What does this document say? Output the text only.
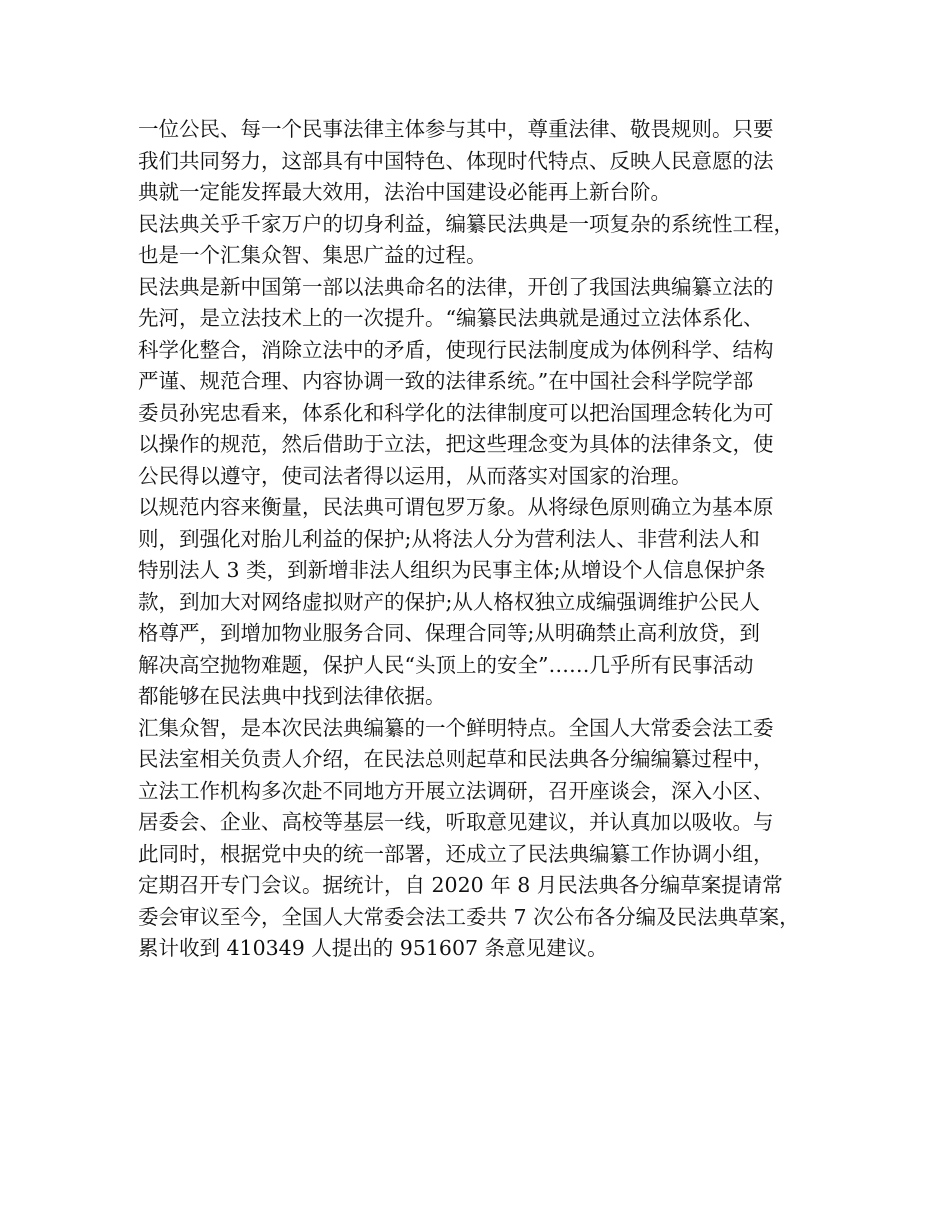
一位公民、每一个民事法律主体参与其中，尊重法律、敬畏规则。只要
我们共同努力，这部具有中国特色、体现时代特点、反映人民意愿的法
典就一定能发挥最大效用，法治中国建设必能再上新台阶。
民法典关乎千家万户的切身利益，编纂民法典是一项复杂的系统性工程，
也是一个汇集众智、集思广益的过程。
民法典是新中国第一部以法典命名的法律，开创了我国法典编纂立法的
先河，是立法技术上的一次提升。“编纂民法典就是通过立法体系化、
科学化整合，消除立法中的矛盾，使现行民法制度成为体例科学、结构
严谨、规范合理、内容协调一致的法律系统。”在中国社会科学院学部
委员孙宪忠看来，体系化和科学化的法律制度可以把治国理念转化为可
以操作的规范，然后借助于立法，把这些理念变为具体的法律条文，使
公民得以遵守，使司法者得以运用，从而落实对国家的治理。
以规范内容来衡量，民法典可谓包罗万象。从将绿色原则确立为基本原
则，到强化对胎儿利益的保护;从将法人分为营利法人、非营利法人和
特别法人 3 类，到新增非法人组织为民事主体;从增设个人信息保护条
款，到加大对网络虚拟财产的保护;从人格权独立成编强调维护公民人
格尊严，到增加物业服务合同、保理合同等;从明确禁止高利放贷，到
解决高空抛物难题，保护人民“头顶上的安全”……几乎所有民事活动
都能够在民法典中找到法律依据。
汇集众智，是本次民法典编纂的一个鲜明特点。全国人大常委会法工委
民法室相关负责人介绍，在民法总则起草和民法典各分编编纂过程中，
立法工作机构多次赴不同地方开展立法调研，召开座谈会，深入小区、
居委会、企业、高校等基层一线，听取意见建议，并认真加以吸收。与
此同时，根据党中央的统一部署，还成立了民法典编纂工作协调小组，
定期召开专门会议。据统计，自 2020 年 8 月民法典各分编草案提请常
委会审议至今，全国人大常委会法工委共 7 次公布各分编及民法典草案，
累计收到 410349 人提出的 951607 条意见建议。
